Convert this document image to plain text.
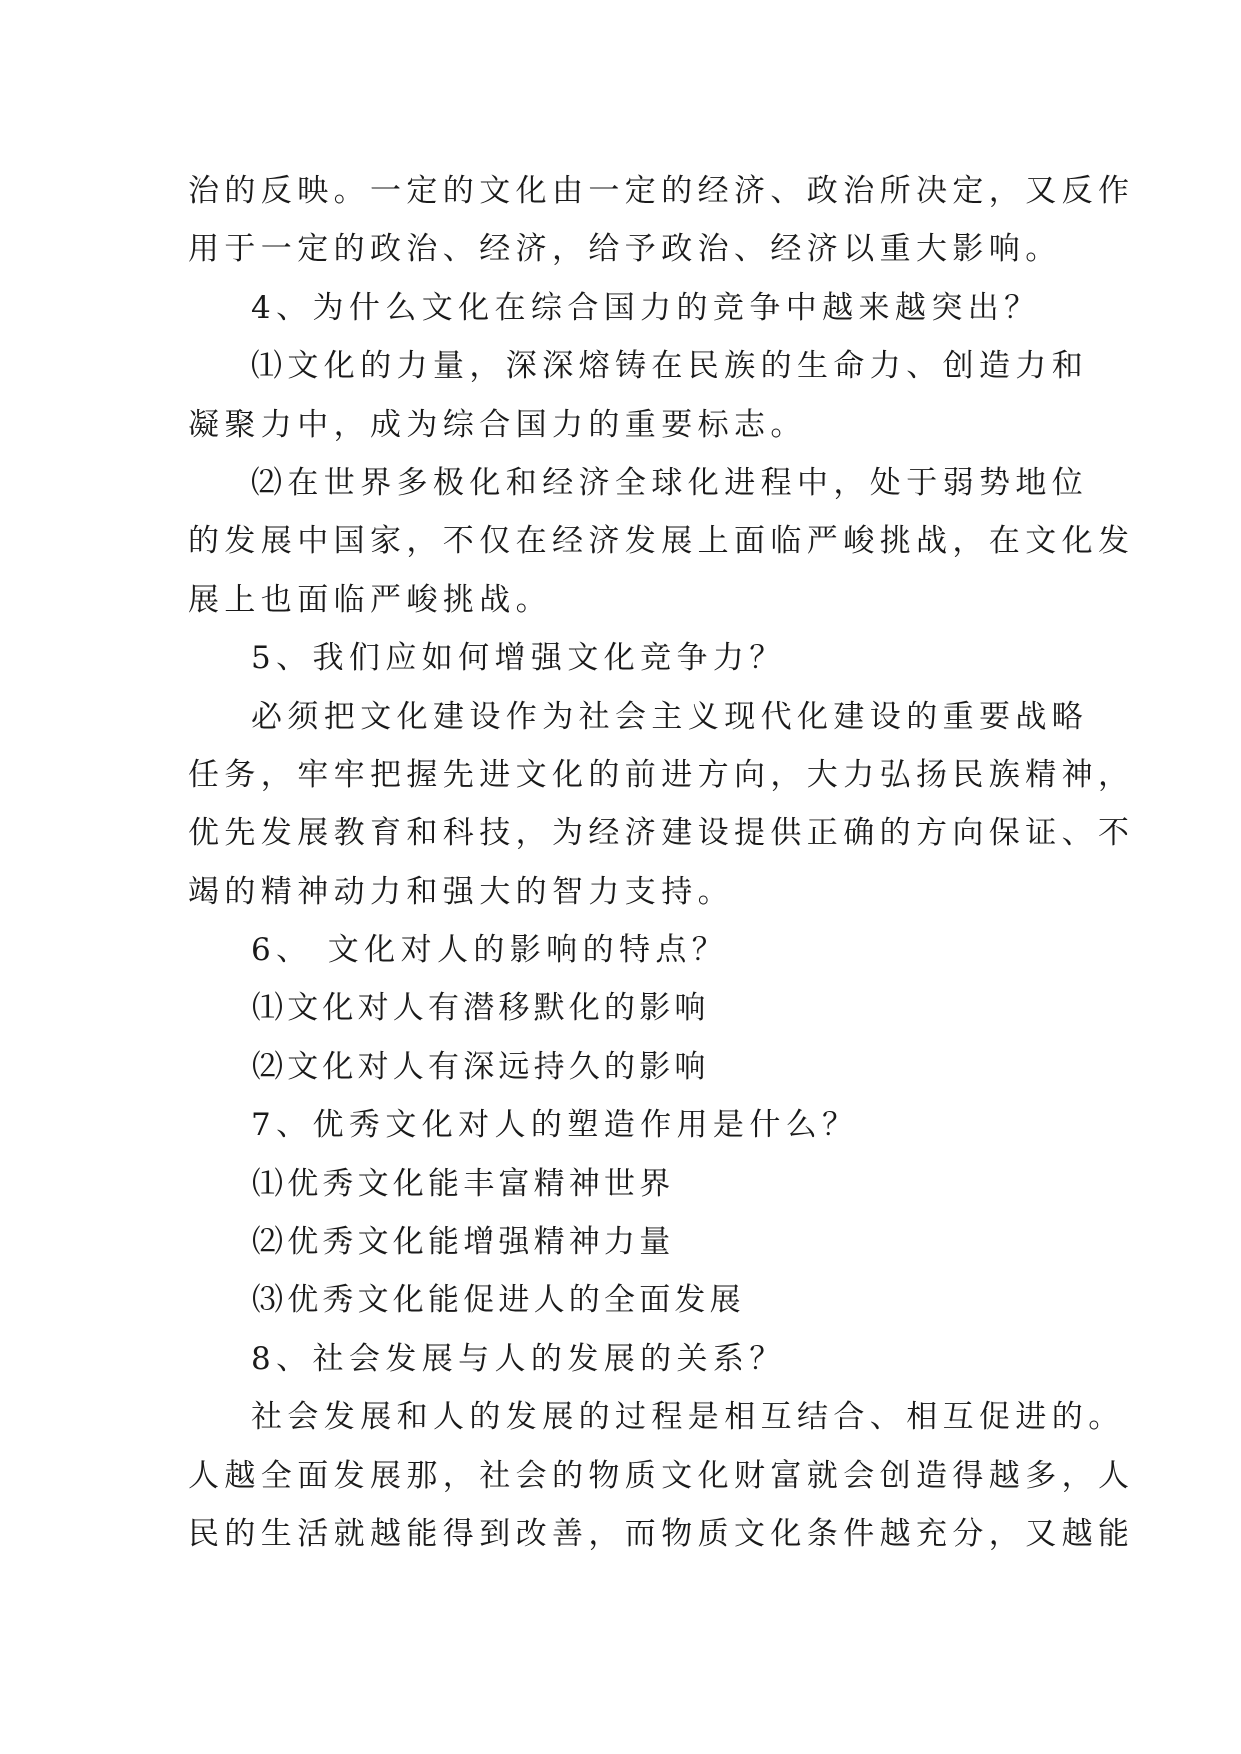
治的反映。一定的文化由一定的经济、政治所决定，又反作

用于一定的政治、经济，给予政治、经济以重大影响。

4、为什么文化在综合国力的竞争中越来越突出？

⑴文化的力量，深深熔铸在民族的生命力、创造力和

凝聚力中，成为综合国力的重要标志。

⑵在世界多极化和经济全球化进程中，处于弱势地位

的发展中国家，不仅在经济发展上面临严峻挑战，在文化发

展上也面临严峻挑战。

5、我们应如何增强文化竞争力？

必须把文化建设作为社会主义现代化建设的重要战略

任务，牢牢把握先进文化的前进方向，大力弘扬民族精神，

优先发展教育和科技，为经济建设提供正确的方向保证、不

竭的精神动力和强大的智力支持。

6、 文化对人的影响的特点？

⑴文化对人有潜移默化的影响

⑵文化对人有深远持久的影响

7、优秀文化对人的塑造作用是什么？

⑴优秀文化能丰富精神世界

⑵优秀文化能增强精神力量

⑶优秀文化能促进人的全面发展

8、社会发展与人的发展的关系？

社会发展和人的发展的过程是相互结合、相互促进的。

人越全面发展那，社会的物质文化财富就会创造得越多，人

民的生活就越能得到改善，而物质文化条件越充分，又越能
